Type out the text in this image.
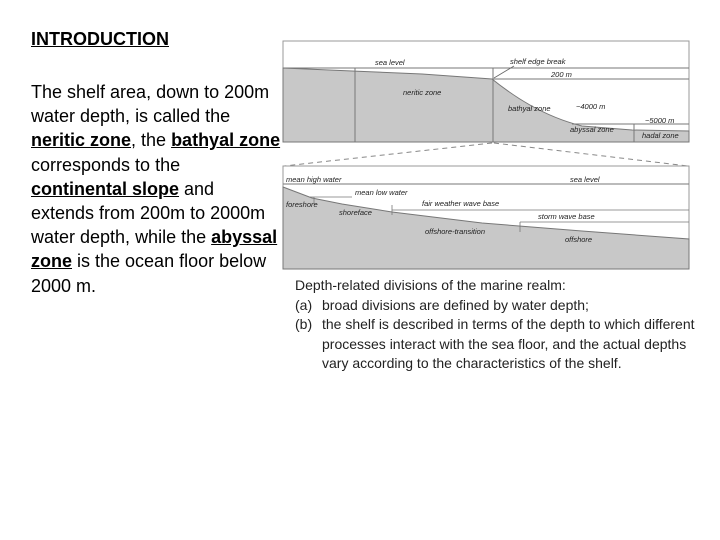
INTRODUCTION
The shelf area, down to 200m water depth, is called the neritic zone, the bathyal zone corresponds to the continental slope and extends from 200m to 2000m water depth, while the abyssal zone is the ocean floor below 2000 m.
sea level	shelf edge break
200 m
neritic zone
bathyal zone	~4000 m
~5000 m
abyssal zone
hadal zone
mean high water	sea level
mean low water
foreshore	fair weather wave base
shoreface	storm wave base
offshore-transition
offshore
Depth-related divisions of the marine realm:
(a) broad divisions are defined by water depth;
(b) the shelf is described in terms of the depth to which different processes interact with the sea floor, and the actual depths vary according to the characteristics of the shelf.
